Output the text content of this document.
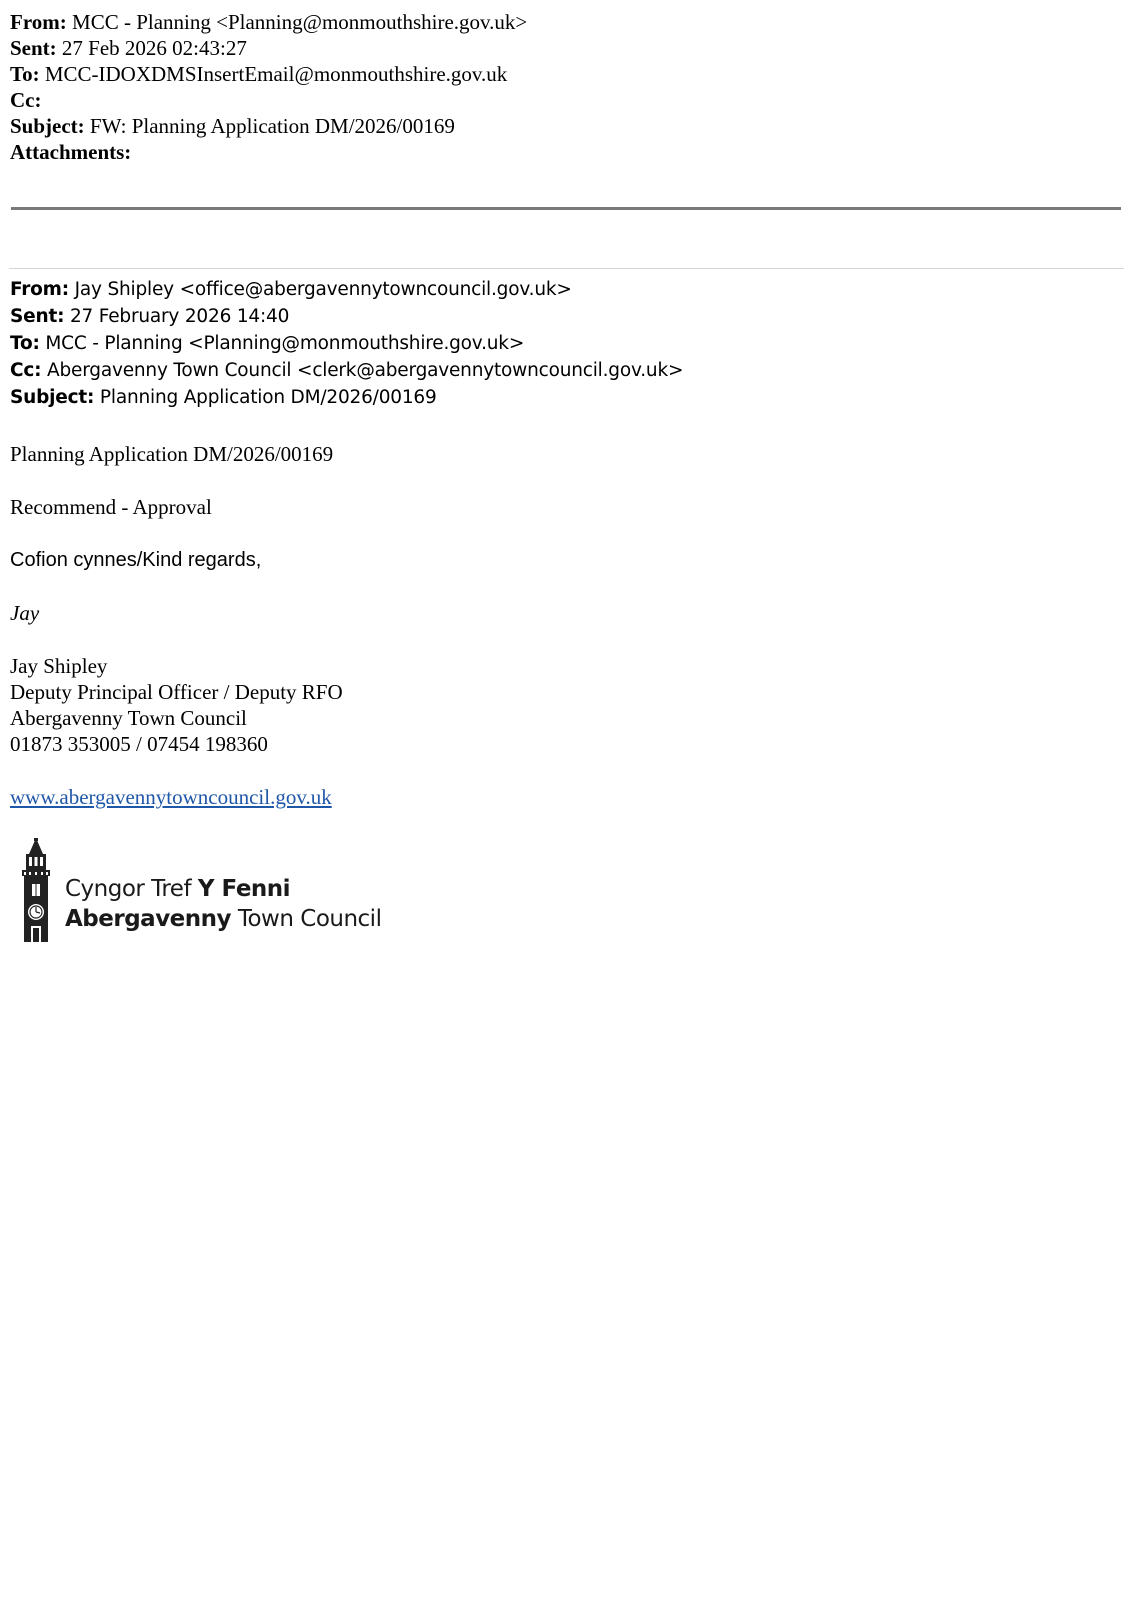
From: MCC - Planning <Planning@monmouthshire.gov.uk>
Sent: 27 Feb 2026 02:43:27
To: MCC-IDOXDMSInsertEmail@monmouthshire.gov.uk
Cc:
Subject: FW: Planning Application DM/2026/00169
Attachments:
From: Jay Shipley <office@abergavennytowncouncil.gov.uk>
Sent: 27 February 2026 14:40
To: MCC - Planning <Planning@monmouthshire.gov.uk>
Cc: Abergavenny Town Council <clerk@abergavennytowncouncil.gov.uk>
Subject: Planning Application DM/2026/00169
Planning Application DM/2026/00169
Recommend - Approval
Cofion cynnes/Kind regards,
Jay
Jay Shipley
Deputy Principal Officer / Deputy RFO
Abergavenny Town Council
01873 353005 / 07454 198360
www.abergavennytowncouncil.gov.uk
Cyngor Tref Y Fenni
Abergavenny Town Council
